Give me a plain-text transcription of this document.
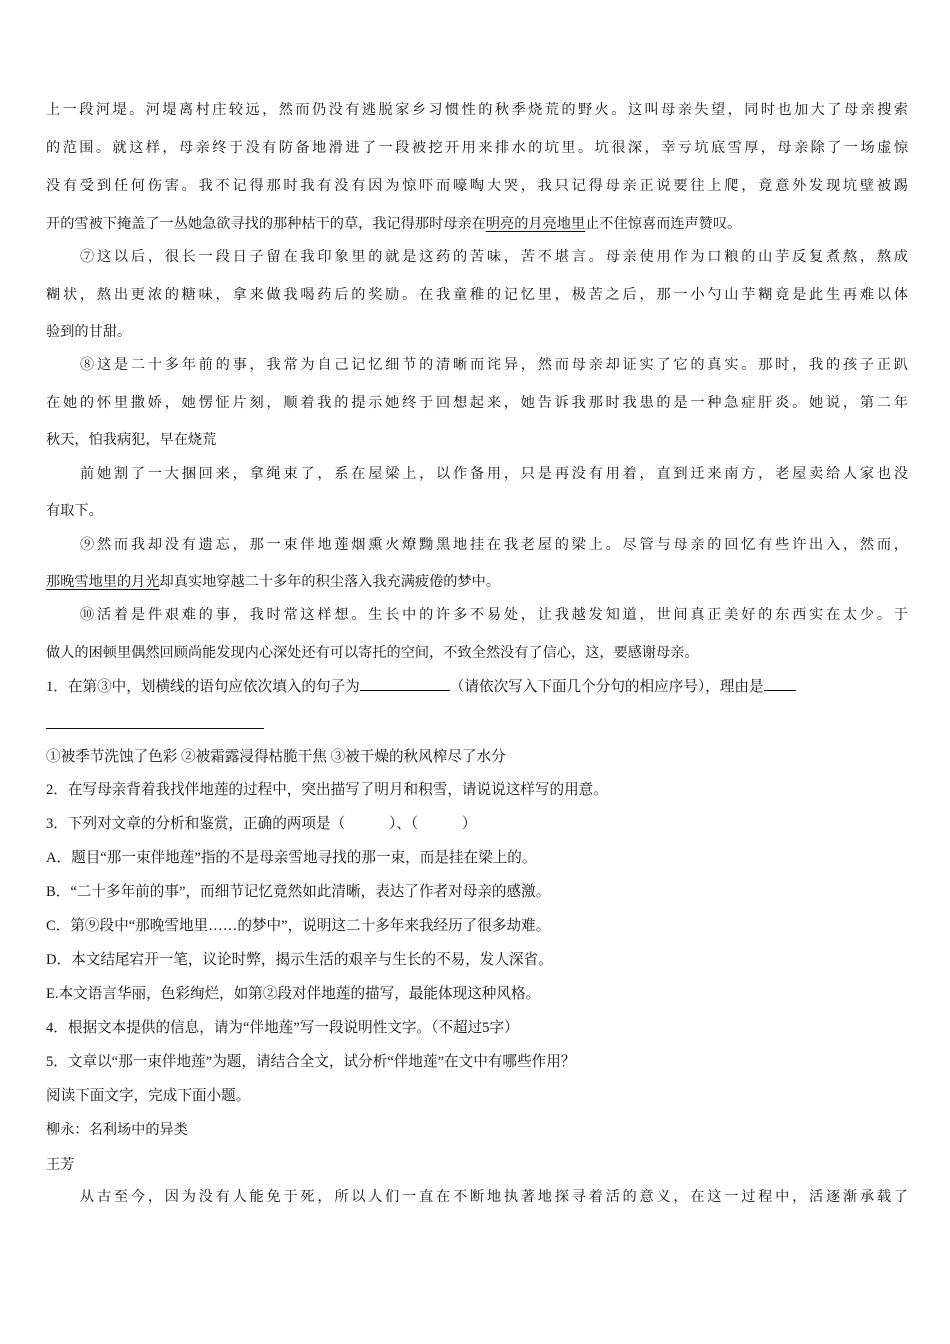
上一段河堤。河堤离村庄较远，然而仍没有逃脱家乡习惯性的秋季烧荒的野火。这叫母亲失望，同时也加大了母亲搜索
的范围。就这样，母亲终于没有防备地滑进了一段被挖开用来排水的坑里。坑很深，幸亏坑底雪厚，母亲除了一场虚惊
没有受到任何伤害。我不记得那时我有没有因为惊吓而嚎啕大哭，我只记得母亲正说要往上爬，竟意外发现坑壁被踢
开的雪被下掩盖了一丛她急欲寻找的那种枯干的草，我记得那时母亲在明亮的月亮地里止不住惊喜而连声赞叹。
⑦这以后，很长一段日子留在我印象里的就是这药的苦味，苦不堪言。母亲使用作为口粮的山芋反复煮熬，熬成
糊状，熬出更浓的糖味，拿来做我喝药后的奖励。在我童稚的记忆里，极苦之后，那一小勺山芋糊竟是此生再难以体
验到的甘甜。
⑧这是二十多年前的事，我常为自己记忆细节的清晰而诧异，然而母亲却证实了它的真实。那时，我的孩子正趴
在她的怀里撒娇，她愣怔片刻，顺着我的提示她终于回想起来，她告诉我那时我患的是一种急症肝炎。她说，第二年
秋天，怕我病犯，早在烧荒
前她割了一大捆回来，拿绳束了，系在屋梁上，以作备用，只是再没有用着，直到迁来南方，老屋卖给人家也没
有取下。
⑨然而我却没有遗忘，那一束伴地莲烟熏火燎黝黑地挂在我老屋的梁上。尽管与母亲的回忆有些许出入，然而，
那晚雪地里的月光却真实地穿越二十多年的积尘落入我充满疲倦的梦中。
⑩活着是件艰难的事，我时常这样想。生长中的许多不易处，让我越发知道，世间真正美好的东西实在太少。于
做人的困顿里偶然回顾尚能发现内心深处还有可以寄托的空间，不致全然没有了信心，这，要感谢母亲。
1．在第③中，划横线的语句应依次填入的句子为	（请依次写入下面几个分句的相应序号），理由是
①被季节洗蚀了色彩 ②被霜露浸得枯脆干焦 ③被干燥的秋风榨尽了水分
2．在写母亲背着我找伴地莲的过程中，突出描写了明月和积雪，请说说这样写的用意。
3．下列对文章的分析和鉴赏，正确的两项是（　　　）、（　　　）
A．题目“那一束伴地莲”指的不是母亲雪地寻找的那一束，而是挂在梁上的。
B．“二十多年前的事”，而细节记忆竟然如此清晰，表达了作者对母亲的感激。
C．第⑨段中“那晚雪地里……的梦中”，说明这二十多年来我经历了很多劫难。
D．本文结尾宕开一笔，议论时弊，揭示生活的艰辛与生长的不易，发人深省。
E.本文语言华丽，色彩绚烂，如第②段对伴地莲的描写，最能体现这种风格。
4．根据文本提供的信息，请为“伴地莲”写一段说明性文字。（不超过5字）
5．文章以“那一束伴地莲”为题，请结合全文，试分析“伴地莲”在文中有哪些作用？
阅读下面文字，完成下面小题。
柳永：名利场中的异类
王芳
从古至今，因为没有人能免于死，所以人们一直在不断地执著地探寻着活的意义，在这一过程中，活逐渐承载了
